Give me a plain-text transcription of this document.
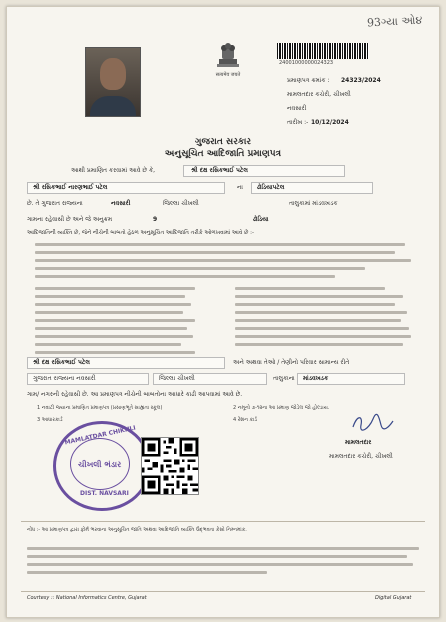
93ગ્યા ઓ૪
सत्यमेव जयते
24001000000024323
પ્રમાણપત્ર ક્રમાંક : 24323/2024
મામલતદાર કચેરી, ચીખલી
નવસારી
તારીખ :- 10/12/2024
ગુજરાત સરકાર
અનુસૂચિત આદિજાતિ પ્રમાણપત્ર
આથી પ્રમાણિત કરવામાં આવે છે કે,	શ્રી દક્ષ રસિકભાઈ પટેલ
શ્રી રસિકભાઈ નારણભાઈ પટેલ	ના ઢોડિયાપટેલ
છે. તે ગુજરાત રાજ્યના	નવસારી	જિલ્લા ચીખલી	તાલુકામાં માંડવખડક
ગામના રહેવાસી છે અને જે અનુક્રમ	9	ઢોડિયા
આદિજાતિની વ્યક્તિ છે, જેને નીચેની બાબતો હેઠળ અનુસૂચિત આદિજાતિ તરીકે ઓળખવામાં આવે છે :-
શ્રી દક્ષ રસિકભાઈ પટેલ	અને અથવા તેઓ / તેણીનો પરિવાર સામાન્ય રીતે
ગુજરાત રાજ્યના નવસારી	જિલ્લા ચીખલી	તાલુકાના માંડવખડક
ગામ/ નગરની રહેવાસી છે. આ પ્રમાણપત્ર નીચેની બાબતોના આધારે કાઢી આપવામાં આવે છે.
1 નવાટી જ્યાના પ્રમાણિત પ્રમાણપત્ર (પ્રસાણભૂતે સાહ્યતા સ્કૂલ)	2 નમૂનો ૭-૧૨ના આ પ્રમાણ જોડેલ જો હોલ્ડાય.
3 આધારકાર્ડ	4 રેશન કાર્ડ
MAMLATDAR CHIKHLI
ચીખલી ભંડાર
DIST. NAVSARI
મામલતદાર
મામલતદાર કચેરી, ચીખલી
નોંધ :- આ પ્રમાણપત્ર દ્વારા ફોર્મ ભરવાના અનુસૂચિત જાતિ અથવા આદિજાતિ વ્યક્તિ ઉદ્ભવતા કેસો નિમ્નમાંક.
Courtesy :: National Informatics Centre, Gujarat	Digital Gujarat
